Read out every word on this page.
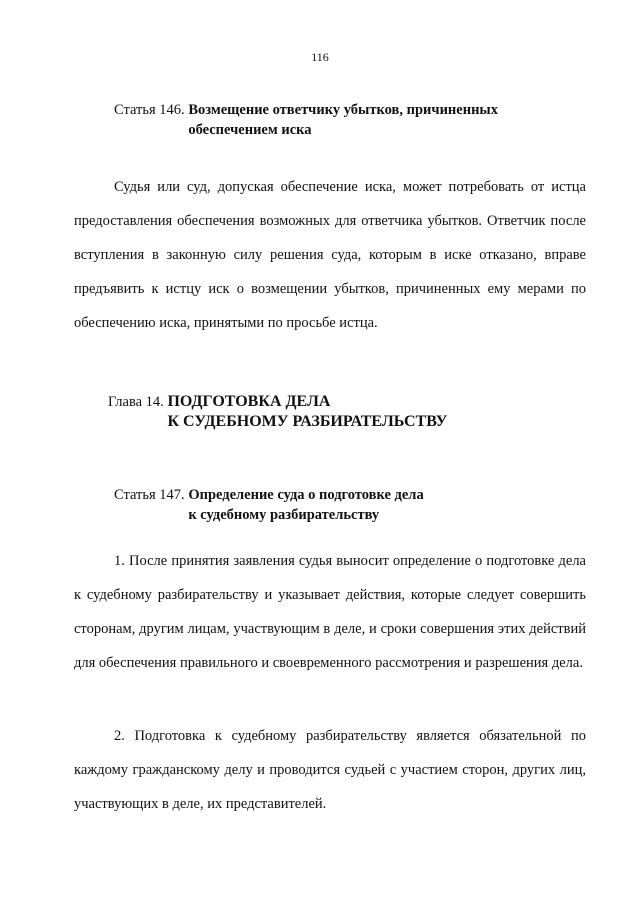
116
Статья 146. Возмещение ответчику убытков, причиненных
обеспечением иска

Судья или суд, допуская обеспечение иска, может потребовать от истца предоставления обеспечения возможных для ответчика убытков. Ответчик после вступления в законную силу решения суда, которым в иске отказано, вправе предъявить к истцу иск о возмещении убытков, причиненных ему мерами по обеспечению иска, принятыми по просьбе истца.

Глава 14. ПОДГОТОВКА ДЕЛА
К СУДЕБНОМУ РАЗБИРАТЕЛЬСТВУ
Статья 147. Определение суда о подготовке дела
к судебному разбирательству

1. После принятия заявления судья выносит определение о подготовке дела к судебному разбирательству и указывает действия, которые следует совершить сторонам, другим лицам, участвующим в деле, и сроки совершения этих действий для обеспечения правильного и своевременного рассмотрения и разрешения дела.

2. Подготовка к судебному разбирательству является обязательной по каждому гражданскому делу и проводится судьей с участием сторон, других лиц, участвующих в деле, их представителей.
